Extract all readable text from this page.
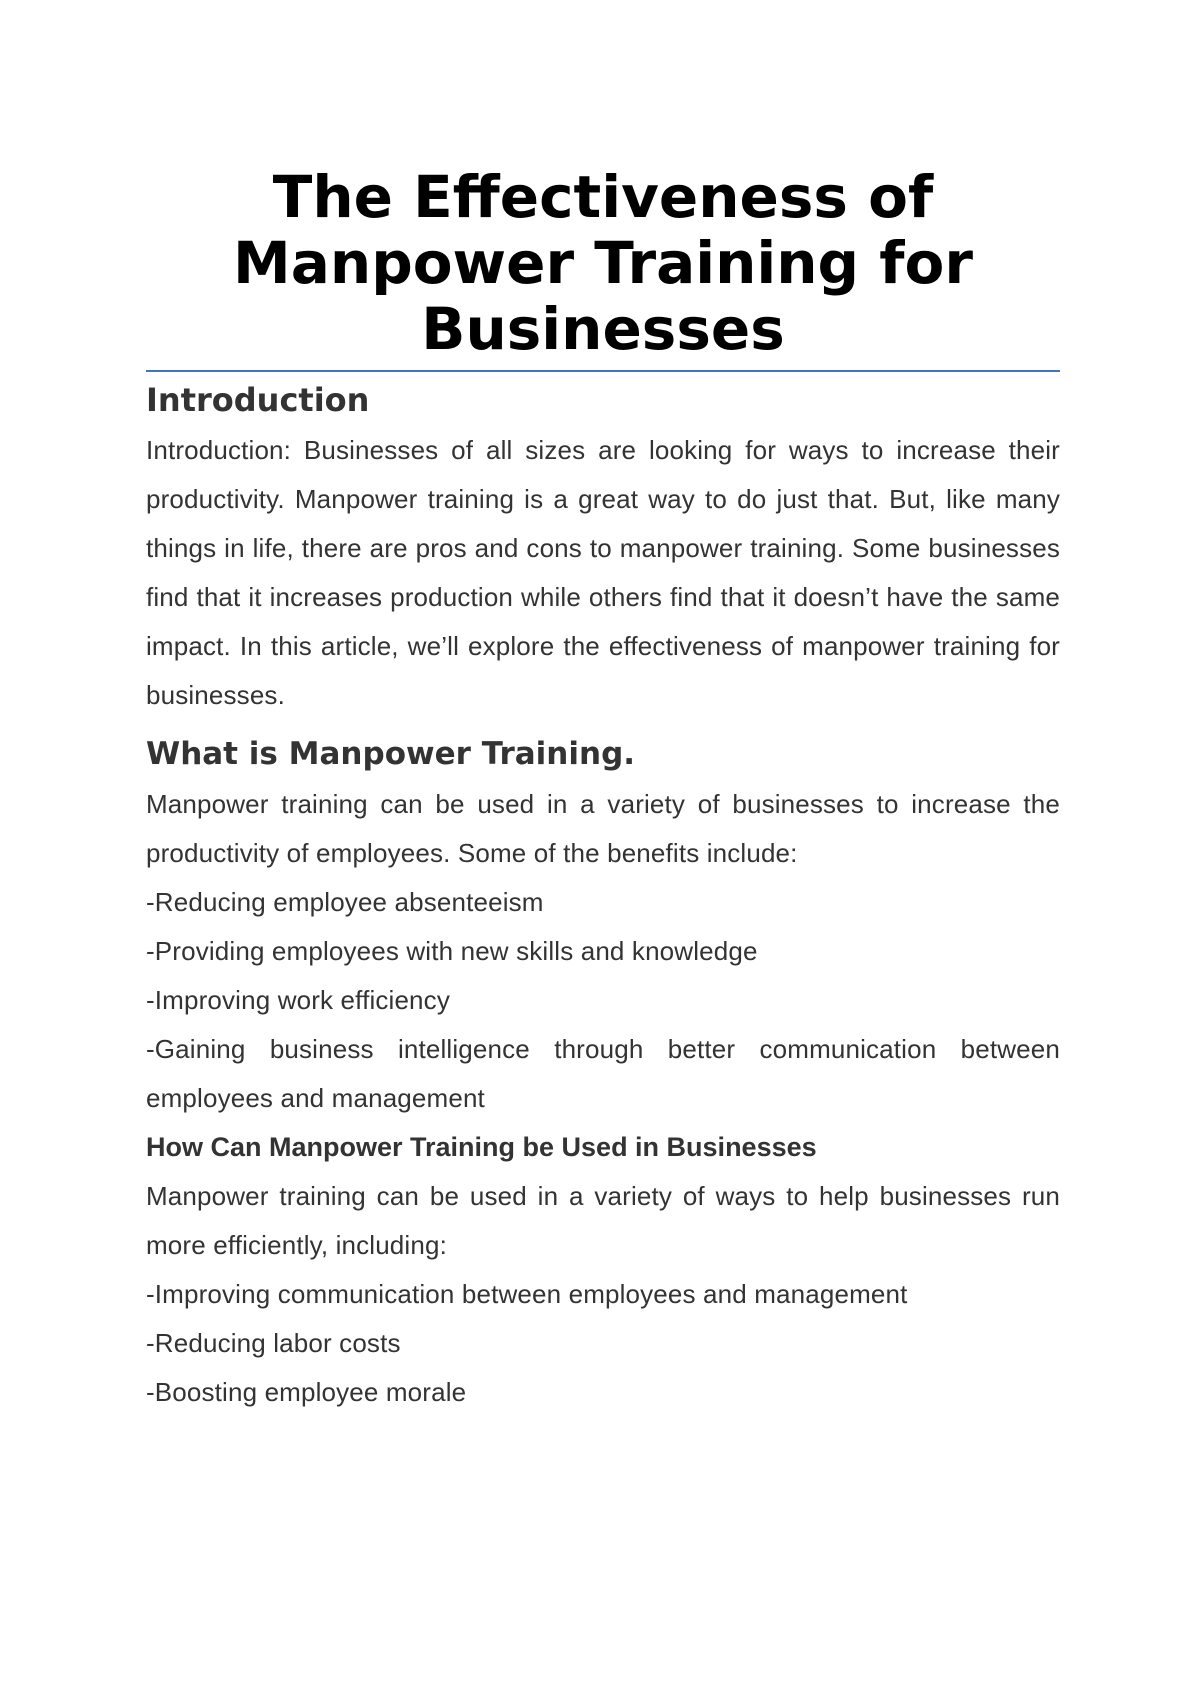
The Effectiveness of Manpower Training for Businesses
Introduction

Introduction: Businesses of all sizes are looking for ways to increase their productivity. Manpower training is a great way to do just that. But, like many things in life, there are pros and cons to manpower training. Some businesses find that it increases production while others find that it doesn’t have the same impact. In this article, we’ll explore the effectiveness of manpower training for businesses.

What is Manpower Training.

Manpower training can be used in a variety of businesses to increase the productivity of employees. Some of the benefits include:

-Reducing employee absenteeism

-Providing employees with new skills and knowledge

-Improving work efficiency

-Gaining business intelligence through better communication between employees and management

How Can Manpower Training be Used in Businesses

Manpower training can be used in a variety of ways to help businesses run more efficiently, including:

-Improving communication between employees and management

-Reducing labor costs

-Boosting employee morale
